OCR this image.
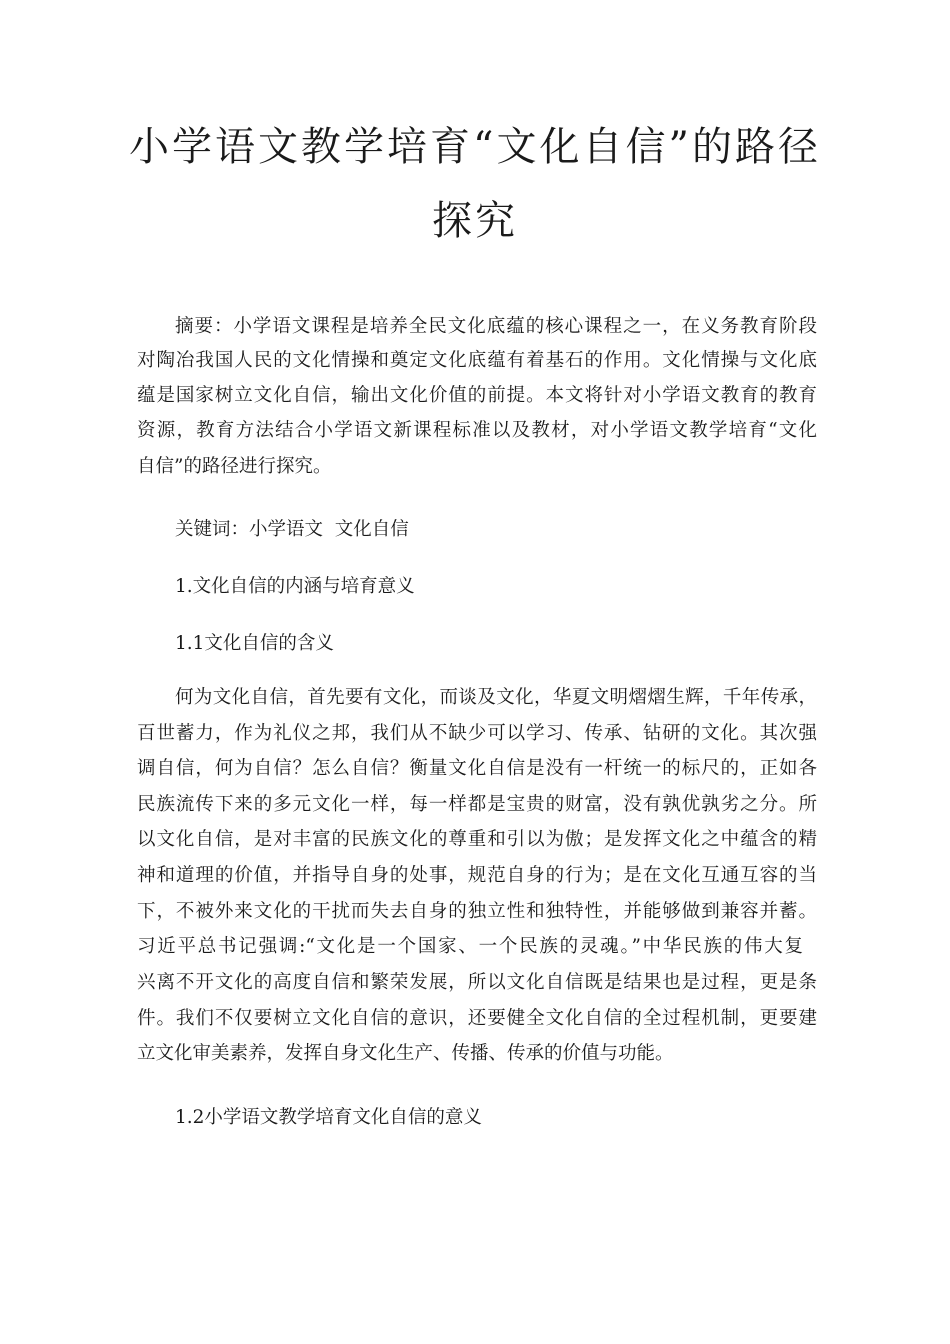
小学语文教学培育“文化自信”的路径
探究
摘要：小学语文课程是培养全民文化底蕴的核心课程之一，在义务教育阶段
对陶冶我国人民的文化情操和奠定文化底蕴有着基石的作用。文化情操与文化底
蕴是国家树立文化自信，输出文化价值的前提。本文将针对小学语文教育的教育
资源，教育方法结合小学语文新课程标准以及教材，对小学语文教学培育“文化
自信”的路径进行探究。
关键词：小学语文  文化自信
1.文化自信的内涵与培育意义
1.1文化自信的含义
何为文化自信，首先要有文化，而谈及文化，华夏文明熠熠生辉，千年传承，
百世蓄力，作为礼仪之邦，我们从不缺少可以学习、传承、钻研的文化。其次强
调自信，何为自信？怎么自信？衡量文化自信是没有一杆统一的标尺的，正如各
民族流传下来的多元文化一样，每一样都是宝贵的财富，没有孰优孰劣之分。所
以文化自信，是对丰富的民族文化的尊重和引以为傲；是发挥文化之中蕴含的精
神和道理的价值，并指导自身的处事，规范自身的行为；是在文化互通互容的当
下，不被外来文化的干扰而失去自身的独立性和独特性，并能够做到兼容并蓄。
习近平总书记强调:“文化是一个国家、一个民族的灵魂。”中华民族的伟大复
兴离不开文化的高度自信和繁荣发展，所以文化自信既是结果也是过程，更是条
件。我们不仅要树立文化自信的意识，还要健全文化自信的全过程机制，更要建
立文化审美素养，发挥自身文化生产、传播、传承的价值与功能。
1.2小学语文教学培育文化自信的意义
